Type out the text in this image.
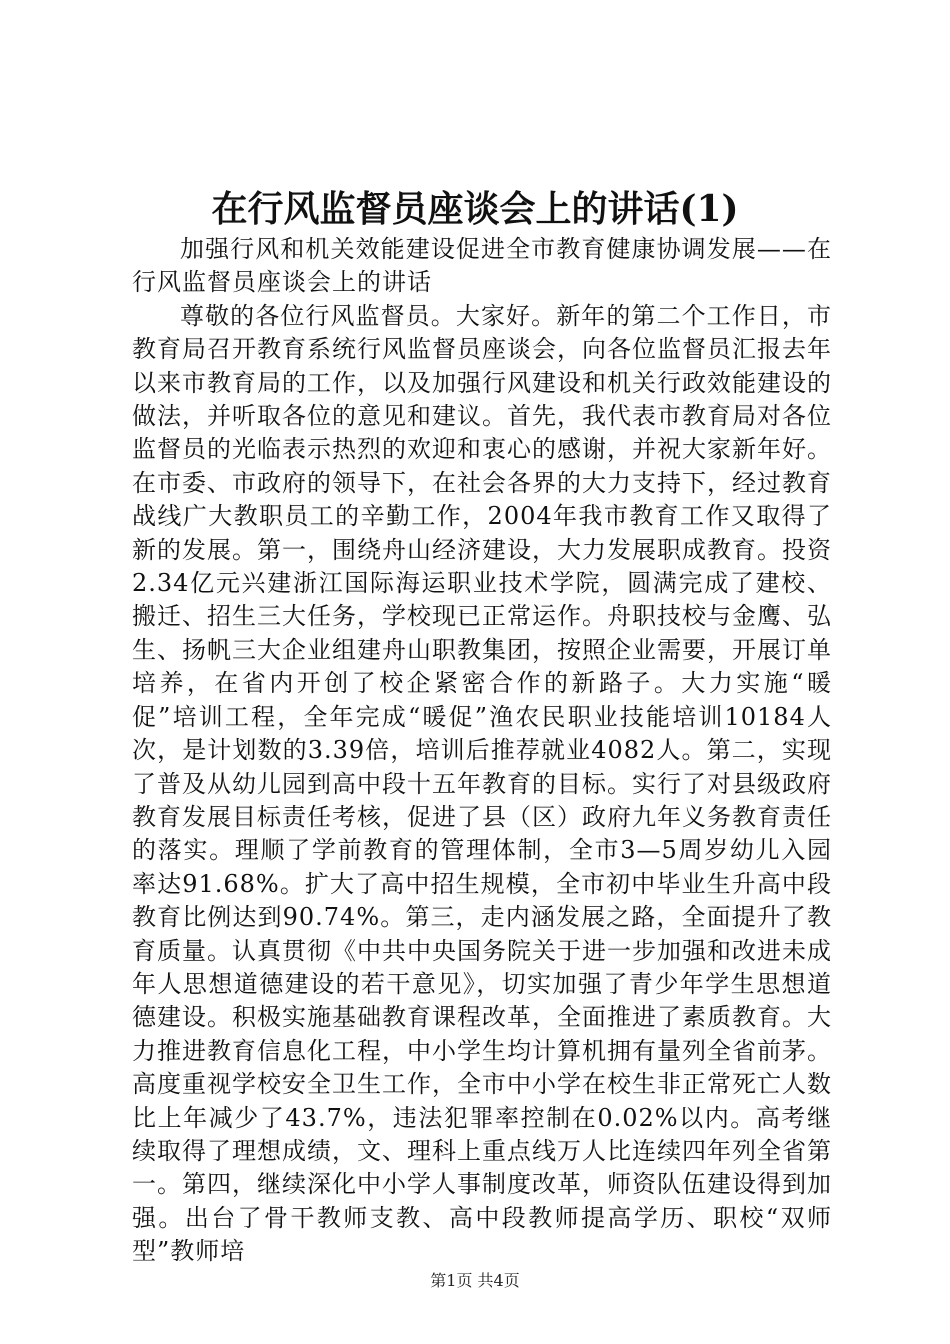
在行风监督员座谈会上的讲话(1)

加强行风和机关效能建设促进全市教育健康协调发展——在行风监督员座谈会上的讲话

尊敬的各位行风监督员。大家好。新年的第二个工作日，市教育局召开教育系统行风监督员座谈会，向各位监督员汇报去年以来市教育局的工作，以及加强行风建设和机关行政效能建设的做法，并听取各位的意见和建议。首先，我代表市教育局对各位监督员的光临表示热烈的欢迎和衷心的感谢，并祝大家新年好。在市委、市政府的领导下，在社会各界的大力支持下，经过教育战线广大教职员工的辛勤工作，2004年我市教育工作又取得了新的发展。第一，围绕舟山经济建设，大力发展职成教育。投资2.34亿元兴建浙江国际海运职业技术学院，圆满完成了建校、搬迁、招生三大任务，学校现已正常运作。舟职技校与金鹰、弘生、扬帆三大企业组建舟山职教集团，按照企业需要，开展订单培养，在省内开创了校企紧密合作的新路子。大力实施“暖促”培训工程，全年完成“暖促”渔农民职业技能培训10184人次，是计划数的3.39倍，培训后推荐就业4082人。第二，实现了普及从幼儿园到高中段十五年教育的目标。实行了对县级政府教育发展目标责任考核，促进了县（区）政府九年义务教育责任的落实。理顺了学前教育的管理体制，全市3—5周岁幼儿入园率达91.68%。扩大了高中招生规模，全市初中毕业生升高中段教育比例达到90.74%。第三，走内涵发展之路，全面提升了教育质量。认真贯彻《中共中央国务院关于进一步加强和改进未成年人思想道德建设的若干意见》，切实加强了青少年学生思想道德建设。积极实施基础教育课程改革，全面推进了素质教育。大力推进教育信息化工程，中小学生均计算机拥有量列全省前茅。高度重视学校安全卫生工作，全市中小学在校生非正常死亡人数比上年减少了43.7%，违法犯罪率控制在0.02%以内。高考继续取得了理想成绩，文、理科上重点线万人比连续四年列全省第一。第四，继续深化中小学人事制度改革，师资队伍建设得到加强。出台了骨干教师支教、高中段教师提高学历、职校“双师型”教师培

第1页 共4页
